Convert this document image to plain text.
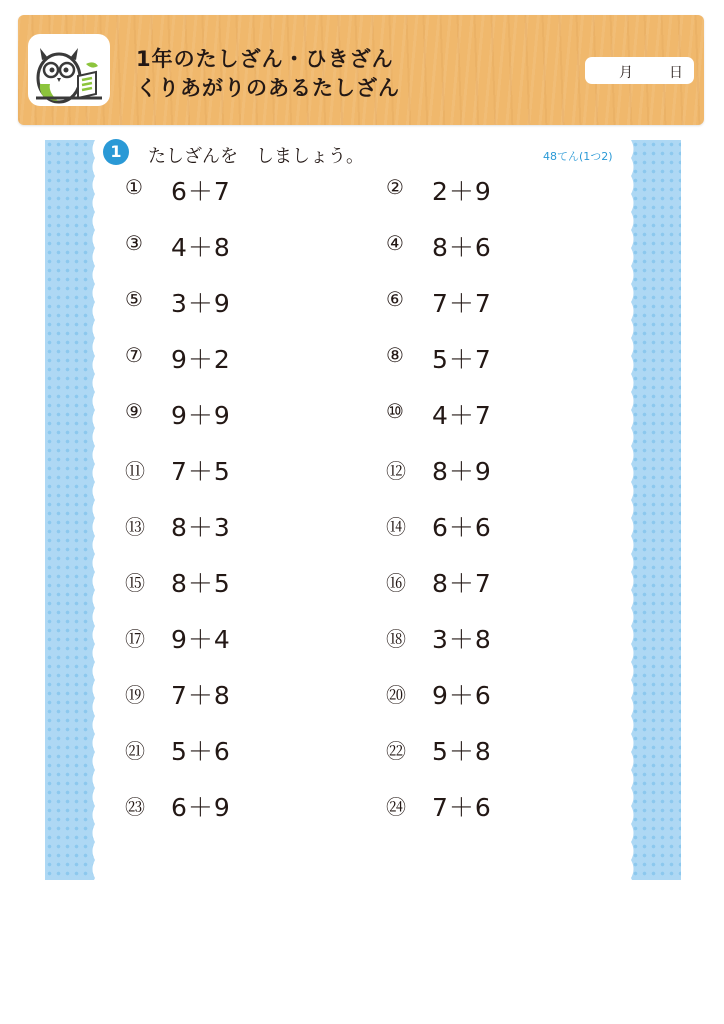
1年のたしざん・ひきざん
くりあがりのあるたしざん
月	日
1	たしざんを　しましょう。	48てん(1つ2)
① 6＋7	② 2＋9
③ 4＋8	④ 8＋6
⑤ 3＋9	⑥ 7＋7
⑦ 9＋2	⑧ 5＋7
⑨ 9＋9	⑩ 4＋7
⑪ 7＋5	⑫ 8＋9
⑬ 8＋3	⑭ 6＋6
⑮ 8＋5	⑯ 8＋7
⑰ 9＋4	⑱ 3＋8
⑲ 7＋8	⑳ 9＋6
㉑ 5＋6	㉒ 5＋8
㉓ 6＋9	㉔ 7＋6
